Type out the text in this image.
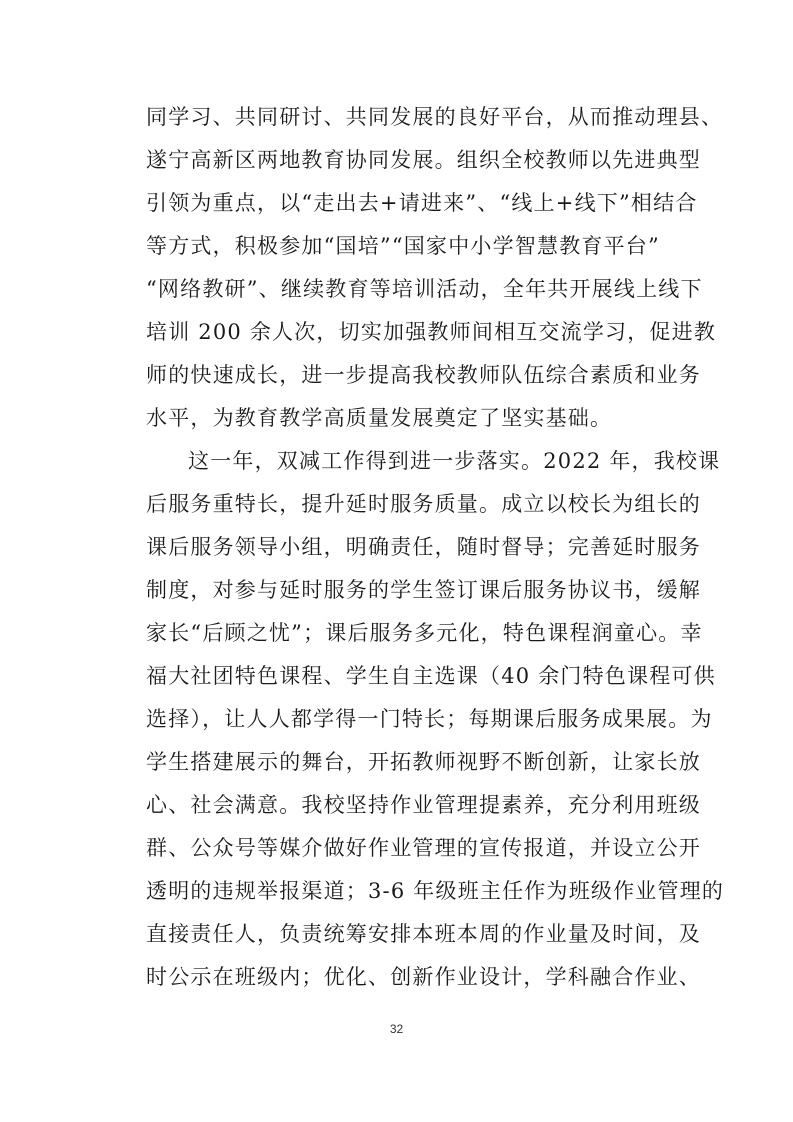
同学习、共同研讨、共同发展的良好平台，从而推动理县、
遂宁高新区两地教育协同发展。组织全校教师以先进典型
引领为重点，以“走出去+请进来”、“线上+线下”相结合
等方式，积极参加“国培”“国家中小学智慧教育平台”
“网络教研”、继续教育等培训活动，全年共开展线上线下
培训 200 余人次，切实加强教师间相互交流学习，促进教
师的快速成长，进一步提高我校教师队伍综合素质和业务
水平，为教育教学高质量发展奠定了坚实基础。
这一年，双减工作得到进一步落实。2022 年，我校课
后服务重特长，提升延时服务质量。成立以校长为组长的
课后服务领导小组，明确责任，随时督导；完善延时服务
制度，对参与延时服务的学生签订课后服务协议书，缓解
家长“后顾之忧”；课后服务多元化，特色课程润童心。幸
福大社团特色课程、学生自主选课（40 余门特色课程可供
选择），让人人都学得一门特长；每期课后服务成果展。为
学生搭建展示的舞台，开拓教师视野不断创新，让家长放
心、社会满意。我校坚持作业管理提素养，充分利用班级
群、公众号等媒介做好作业管理的宣传报道，并设立公开
透明的违规举报渠道；3-6 年级班主任作为班级作业管理的
直接责任人，负责统筹安排本班本周的作业量及时间，及
时公示在班级内；优化、创新作业设计，学科融合作业、
32
